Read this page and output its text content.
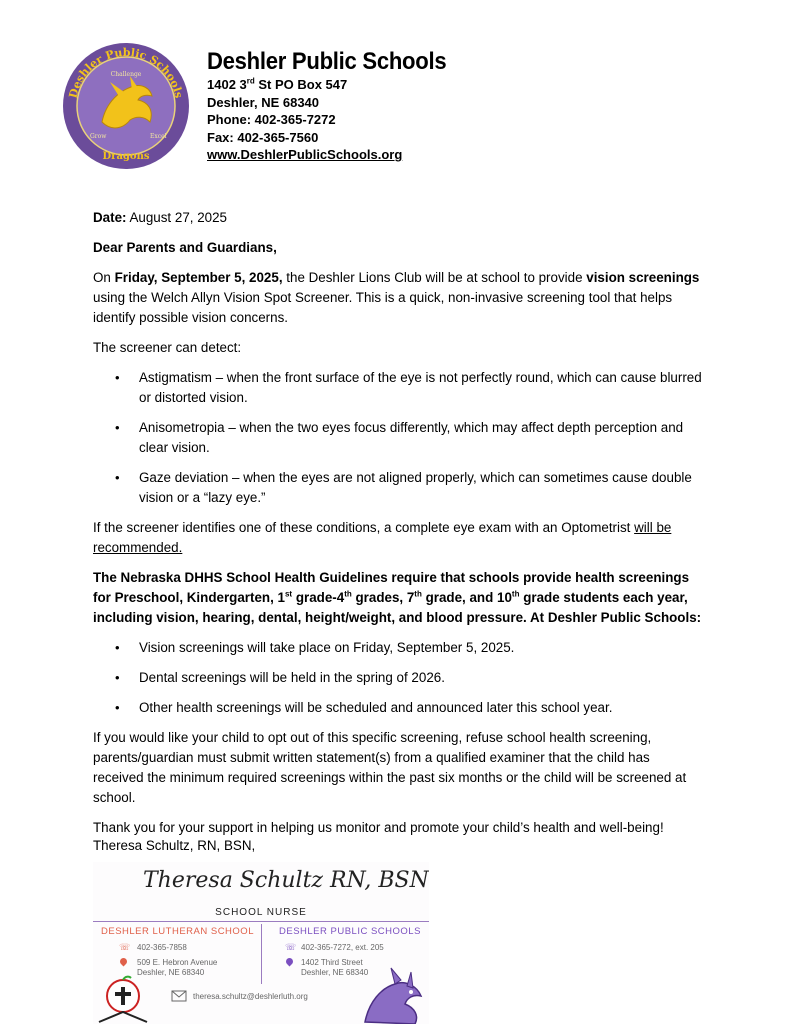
Deshler Public Schools
Challenge
Grow	Excel
Dragons
Deshler Public Schools
1402 3rd St PO Box 547
Deshler, NE 68340
Phone: 402-365-7272
Fax: 402-365-7560
www.DeshlerPublicSchools.org

Date: August 27, 2025

Dear Parents and Guardians,

On Friday, September 5, 2025, the Deshler Lions Club will be at school to provide vision screenings using the Welch Allyn Vision Spot Screener. This is a quick, non-invasive screening tool that helps identify possible vision concerns.

The screener can detect:

• Astigmatism – when the front surface of the eye is not perfectly round, which can cause blurred or distorted vision.
• Anisometropia – when the two eyes focus differently, which may affect depth perception and clear vision.
• Gaze deviation – when the eyes are not aligned properly, which can sometimes cause double vision or a “lazy eye.”

If the screener identifies one of these conditions, a complete eye exam with an Optometrist will be recommended.

The Nebraska DHHS School Health Guidelines require that schools provide health screenings for Preschool, Kindergarten, 1st grade-4th grades, 7th grade, and 10th grade students each year, including vision, hearing, dental, height/weight, and blood pressure. At Deshler Public Schools:

• Vision screenings will take place on Friday, September 5, 2025.
• Dental screenings will be held in the spring of 2026.
• Other health screenings will be scheduled and announced later this school year.

If you would like your child to opt out of this specific screening, refuse school health screening, parents/guardian must submit written statement(s) from a qualified examiner that the child has received the minimum required screenings within the past six months or the child will be screened at school.

Thank you for your support in helping us monitor and promote your child’s health and well-being!

Theresa Schultz, RN, BSN,
Theresa Schultz RN, BSN
SCHOOL NURSE
DESHLER LUTHERAN SCHOOL
☏ 402-365-7858
509 E. Hebron Avenue
Deshler, NE 68340
DESHLER PUBLIC SCHOOLS
☏ 402-365-7272, ext. 205
1402 Third Street
Deshler, NE 68340
theresa.schultz@deshlerluth.org
